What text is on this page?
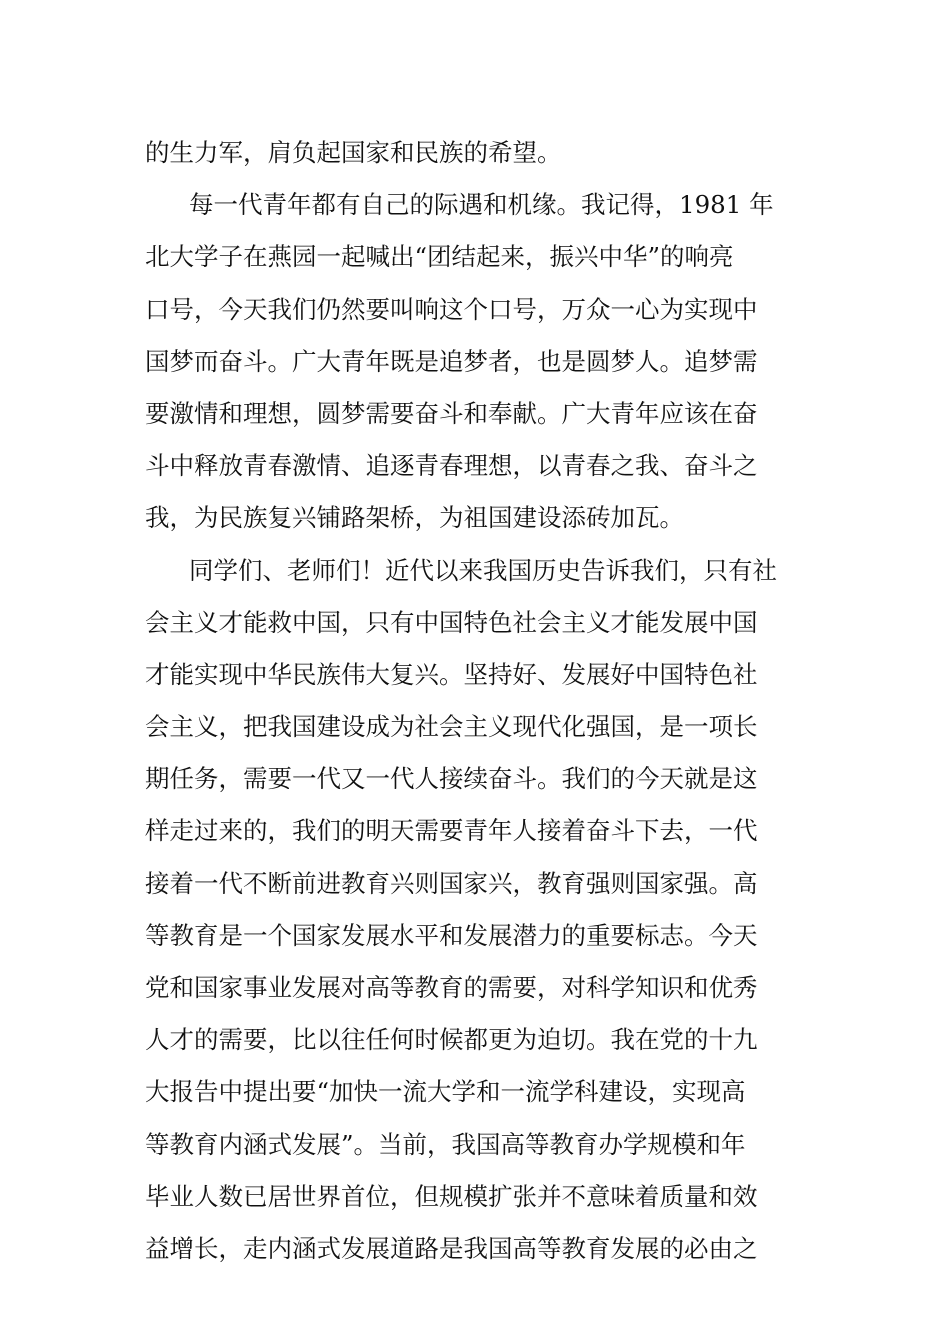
的生力军，肩负起国家和民族的希望。
每一代青年都有自己的际遇和机缘。我记得，1981 年
北大学子在燕园一起喊出“团结起来，振兴中华”的响亮
口号，今天我们仍然要叫响这个口号，万众一心为实现中
国梦而奋斗。广大青年既是追梦者，也是圆梦人。追梦需
要激情和理想，圆梦需要奋斗和奉献。广大青年应该在奋
斗中释放青春激情、追逐青春理想，以青春之我、奋斗之
我，为民族复兴铺路架桥，为祖国建设添砖加瓦。
同学们、老师们！近代以来我国历史告诉我们，只有社
会主义才能救中国，只有中国特色社会主义才能发展中国
才能实现中华民族伟大复兴。坚持好、发展好中国特色社
会主义，把我国建设成为社会主义现代化强国，是一项长
期任务，需要一代又一代人接续奋斗。我们的今天就是这
样走过来的，我们的明天需要青年人接着奋斗下去，一代
接着一代不断前进教育兴则国家兴，教育强则国家强。高
等教育是一个国家发展水平和发展潜力的重要标志。今天
党和国家事业发展对高等教育的需要，对科学知识和优秀
人才的需要，比以往任何时候都更为迫切。我在党的十九
大报告中提出要“加快一流大学和一流学科建设，实现高
等教育内涵式发展”。当前，我国高等教育办学规模和年
毕业人数已居世界首位，但规模扩张并不意味着质量和效
益增长，走内涵式发展道路是我国高等教育发展的必由之
